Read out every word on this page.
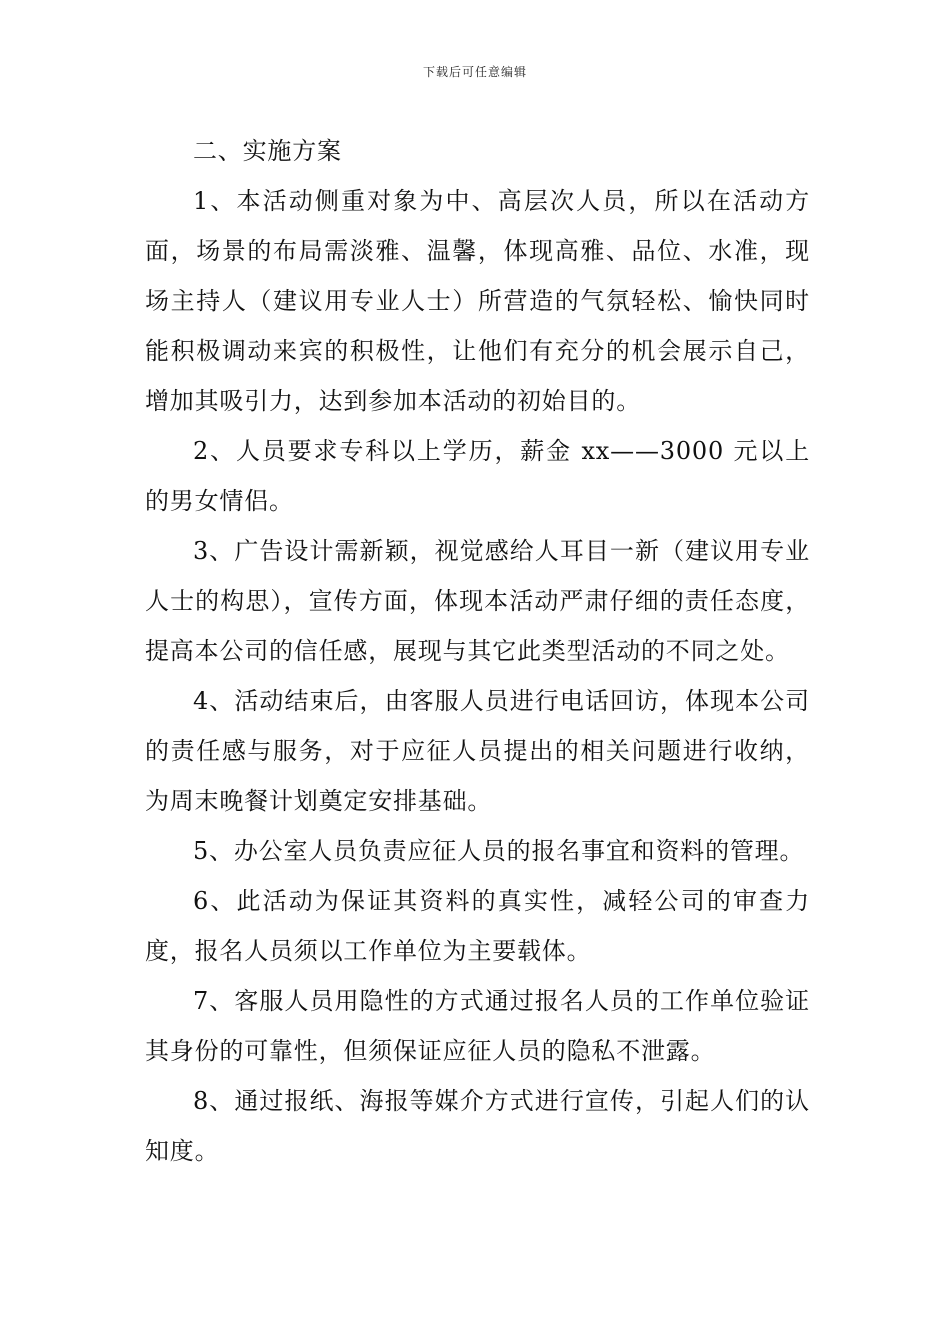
下载后可任意编辑

二、实施方案

1、本活动侧重对象为中、高层次人员，所以在活动方面，场景的布局需淡雅、温馨，体现高雅、品位、水准，现场主持人（建议用专业人士）所营造的气氛轻松、愉快同时能积极调动来宾的积极性，让他们有充分的机会展示自己，增加其吸引力，达到参加本活动的初始目的。

2、人员要求专科以上学历，薪金 xx——3000 元以上的男女情侣。

3、广告设计需新颖，视觉感给人耳目一新（建议用专业人士的构思），宣传方面，体现本活动严肃仔细的责任态度，提高本公司的信任感，展现与其它此类型活动的不同之处。

4、活动结束后，由客服人员进行电话回访，体现本公司的责任感与服务，对于应征人员提出的相关问题进行收纳，为周末晚餐计划奠定安排基础。

5、办公室人员负责应征人员的报名事宜和资料的管理。

6、此活动为保证其资料的真实性，减轻公司的审查力度，报名人员须以工作单位为主要载体。

7、客服人员用隐性的方式通过报名人员的工作单位验证其身份的可靠性，但须保证应征人员的隐私不泄露。

8、通过报纸、海报等媒介方式进行宣传，引起人们的认知度。
